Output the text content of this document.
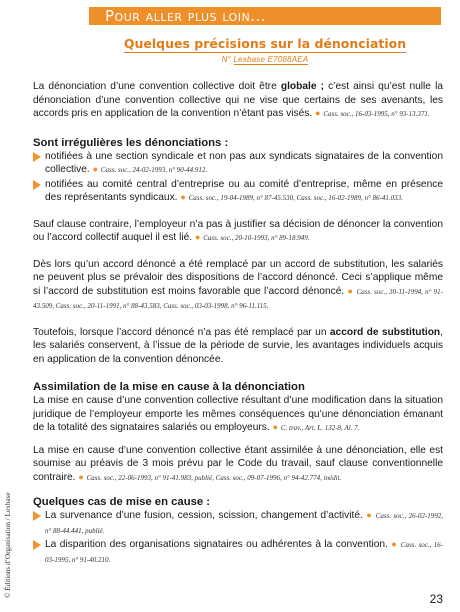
Pour aller plus loin...
Quelques précisions sur la dénonciation
N° Lexbase E7088AEA

La dénonciation d’une convention collective doit être globale ; c’est ainsi qu’est nulle la dénonciation d’une convention collective qui ne vise que certains de ses avenants, les accords pris en application de la convention n’étant pas visés. ● Cass. soc., 16-03-1995, n° 93-13.371.

Sont irrégulières les dénonciations :

notifiées à une section syndicale et non pas aux syndicats signataires de la convention collective. ● Cass. soc., 24-02-1993, n° 90-44.912.

notifiées au comité central d’entreprise ou au comité d’entreprise, même en présence des représentants syndicaux. ● Cass. soc., 19-04-1989, n° 87-45.530, Cass. soc., 16-02-1989, n° 86-41.033.

Sauf clause contraire, l’employeur n’a pas à justifier sa décision de dénoncer la convention ou l’accord collectif auquel il est lié. ● Cass. soc., 20-10-1993, n° 89-18.949.

Dès lors qu’un accord dénoncé a été remplacé par un accord de substitution, les salariés ne peuvent plus se prévaloir des dispositions de l’accord dénoncé. Ceci s’applique même si l’accord de substitution est moins favorable que l’accord dénoncé. ● Cass. soc., 30-11-1994, n° 91-43.509, Cass. soc., 20-11-1991, n° 88-43.583, Cass. soc., 03-03-1998, n° 96-11.115.

Toutefois, lorsque l’accord dénoncé n’a pas été remplacé par un accord de substitution, les salariés conservent, à l’issue de la période de survie, les avantages individuels acquis en application de la convention dénoncée.

Assimilation de la mise en cause à la dénonciation

La mise en cause d’une convention collective résultant d’une modification dans la situation juridique de l’employeur emporte les mêmes conséquences qu’une dénonciation émanant de la totalité des signataires salariés ou employeurs. ● C. trav., Art. L. 132-8, Al. 7.

La mise en cause d’une convention collective étant assimilée à une dénonciation, elle est soumise au préavis de 3 mois prévu par le Code du travail, sauf clause conventionnelle contraire. ● Cass. soc., 22-06-1993, n° 91-41.983, publié, Cass. soc., 09-07-1996, n° 94-42.774, inédit.

Quelques cas de mise en cause :

La survenance d’une fusion, cession, scission, changement d’activité. ● Cass. soc., 26-02-1992, n° 88-44.441, publié.

La disparition des organisations signataires ou adhérentes à la convention. ● Cass. soc., 16-03-1995, n° 91-40.210.

© Éditions d’Organisation / Lexbase
23
